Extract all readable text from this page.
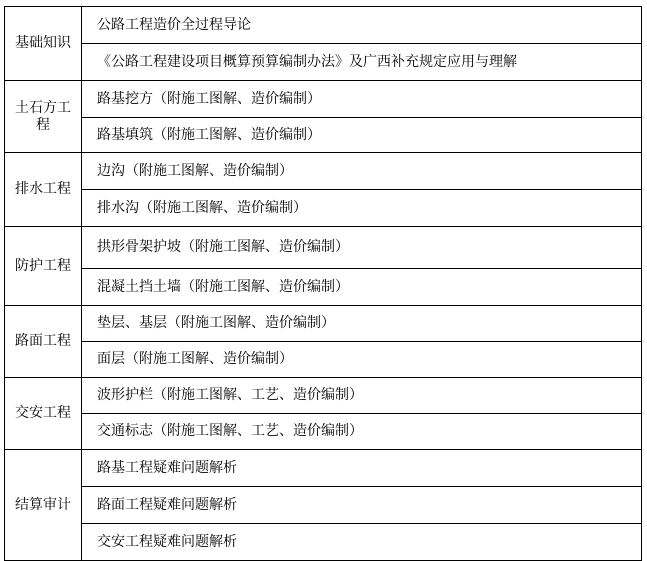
基础知识	公路工程造价全过程导论
	《公路工程建设项目概算预算编制办法》及广西补充规定应用与理解
土石方工程	路基挖方（附施工图解、造价编制）
	路基填筑（附施工图解、造价编制）
排水工程	边沟（附施工图解、造价编制）
	排水沟（附施工图解、造价编制）
防护工程	拱形骨架护坡（附施工图解、造价编制）
	混凝土挡土墙（附施工图解、造价编制）
路面工程	垫层、基层（附施工图解、造价编制）
	面层（附施工图解、造价编制）
交安工程	波形护栏（附施工图解、工艺、造价编制）
	交通标志（附施工图解、工艺、造价编制）
结算审计	路基工程疑难问题解析
	路面工程疑难问题解析
	交安工程疑难问题解析
